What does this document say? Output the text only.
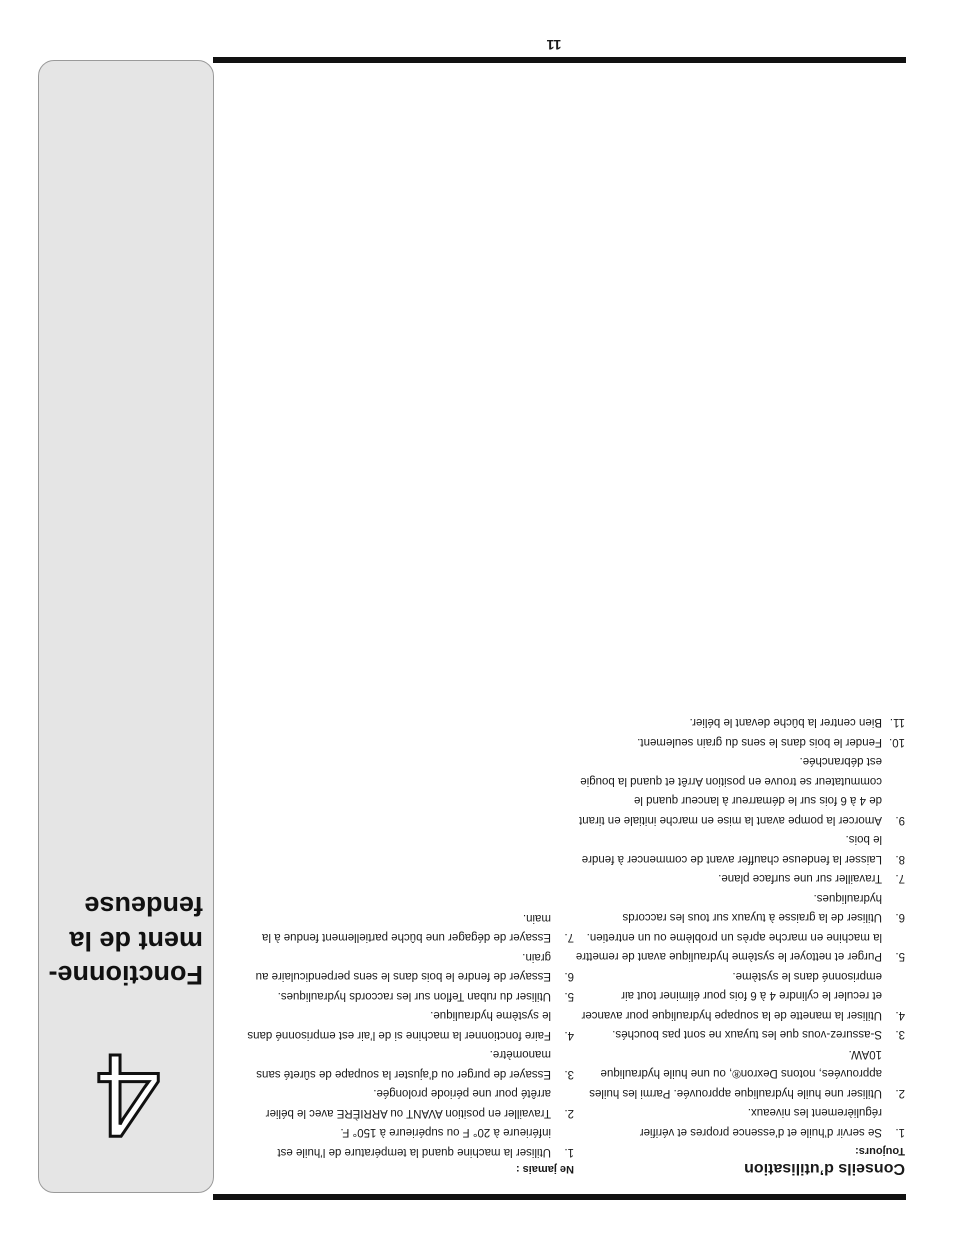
4
Fonctionne-ment de la fendeuse
Conseils d’utilisation
Toujours:
1.
Se servir d’huile et d’essence propres et vérifier régulièrement les niveaux.
2.
Utiliser une huile hydraulique approuvée. Parmi les huiles approuvées, notons Dexron®, ou une huile hydraulique 10AW.
3.
S-assurez-vous que les tuyaux ne sont pas bouchés.
4.
Utiliser la manette de la soupape hydraulique pour avancer et reculer le cylindre 4 à 6 fois pour éliminer tout air emprisonné dans le système.
5.
Purger et nettoyer le système hydraulique avant de remettre la machine en marche après un problème ou un entretien.
6.
Utiliser de la graisse à tuyaux sur tous les raccords hydrauliques.
7.
Travailler sur une surface plane.
8.
Laisser la fendeuse chauffer avant de commencer à fendre le bois.
9.
Amorcer la pompe avant la mise en marche initiale en tirant de 4 à 6 fois sur le démarreur à lanceur quand le commutateur se trouve en position Arrêt et quand la bougie est débranchée.
10.
Fender le bois dans le sens du grain seulement.
11.
Bien centrer la bûche devant le bélier.
Ne jamais :
1.
Utiliser la machine quand la température de l’huile est inférieure à 20° F ou supérieure à 150° F.
2.
Travailler en position AVANT ou ARRIÈRE avec le bélier arrêté pour une période prolongée.
3.
Essayer de purger ou d’ajuster la soupape de sûreté sans manomètre.
4.
Faire fonctionner la machine si de l’air est emprisonné dans le système hydraulique.
5.
Utiliser du ruban Teflon sur les raccords hydrauliques.
6.
Essayer de fendre le bois dans le sens perpendiculaire au grain.
7.
Essayer de dégager une bûche partiellement fendue à la main.
11
